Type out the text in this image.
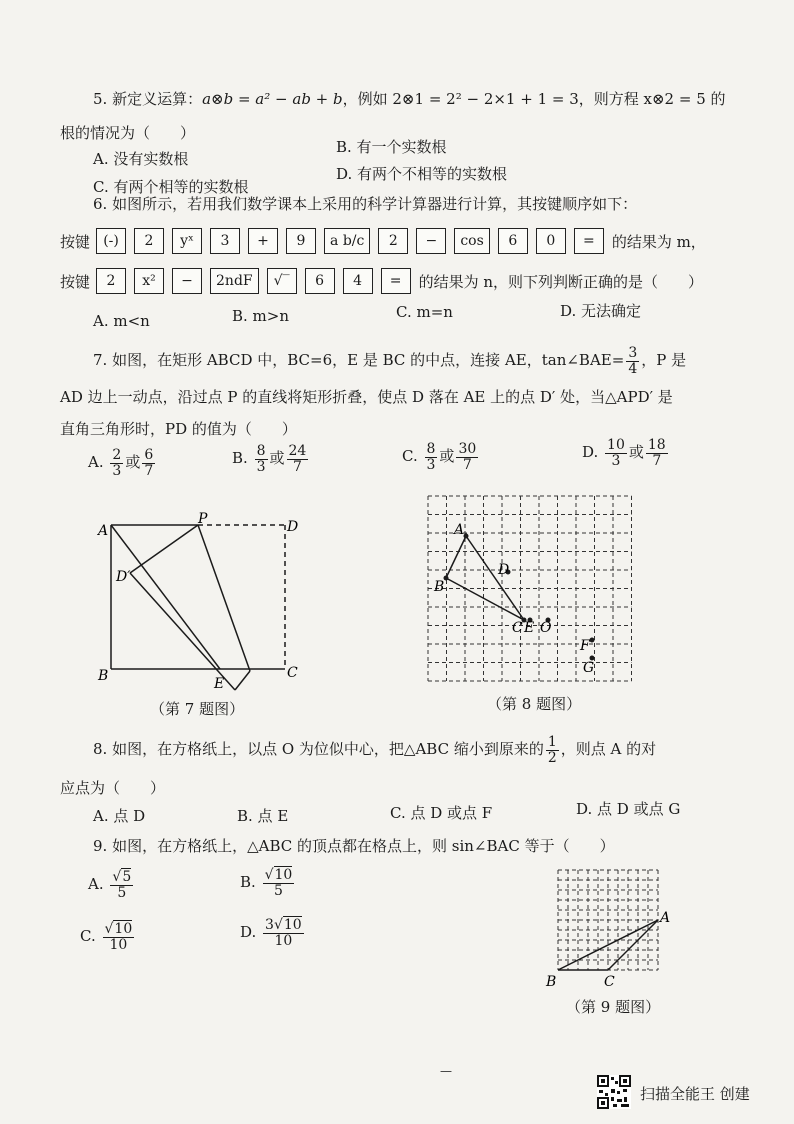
5. 新定义运算：a⊗b = a² − ab + b，例如 2⊗1 = 2² − 2×1 + 1 = 3，则方程 x⊗2 = 5 的
根的情况为（　　）
A. 没有实数根
B. 有一个实数根
C. 有两个相等的实数根
D. 有两个不相等的实数根
6. 如图所示，若用我们数学课本上采用的科学计算器进行计算，其按键顺序如下：
按键 (-)	2	yˣ	3	+	9	a b/c	2	−	cos	6	0	=	的结果为 m，
按键	2	x²	−	2ndF	√‾	6	4	=	的结果为 n，则下列判断正确的是（　　）
A. m<n	B. m>n	C. m=n	D. 无法确定
7. 如图，在矩形 ABCD 中，BC=6，E 是 BC 的中点，连接 AE，tan∠BAE= $\frac{3}{4}$ ，P 是
AD 边上一动点，沿过点 P 的直线将矩形折叠，使点 D 落在 AE 上的点 D′ 处，当△APD′ 是
直角三角形时，PD 的值为（　　）
A. $\frac{2}{3}$ 或 $\frac{6}{7}$	B. $\frac{8}{3}$ 或 $\frac{24}{7}$	C. $\frac{8}{3}$ 或 $\frac{30}{7}$	D. $\frac{10}{3}$ 或 $\frac{18}{7}$
A
P	D
D′
B	E
C
（第 7 题图）
A
B
C
D
E O
F
G
（第 8 题图）
8. 如图，在方格纸上，以点 O 为位似中心，把△ABC 缩小到原来的 $\frac{1}{2}$ ，则点 A 的对
应点为（　　）
A. 点 D	B. 点 E	C. 点 D 或点 F	D. 点 D 或点 G
9. 如图，在方格纸上，△ABC 的顶点都在格点上，则 sin∠BAC 等于（　　）
A. $\frac{√5}{5}$	B. $\frac{√10}{5}$
C. $\frac{√10}{10}$	D. $\frac{3√10}{10}$	A
B	C
（第 9 题图）
—
扫描全能王 创建
